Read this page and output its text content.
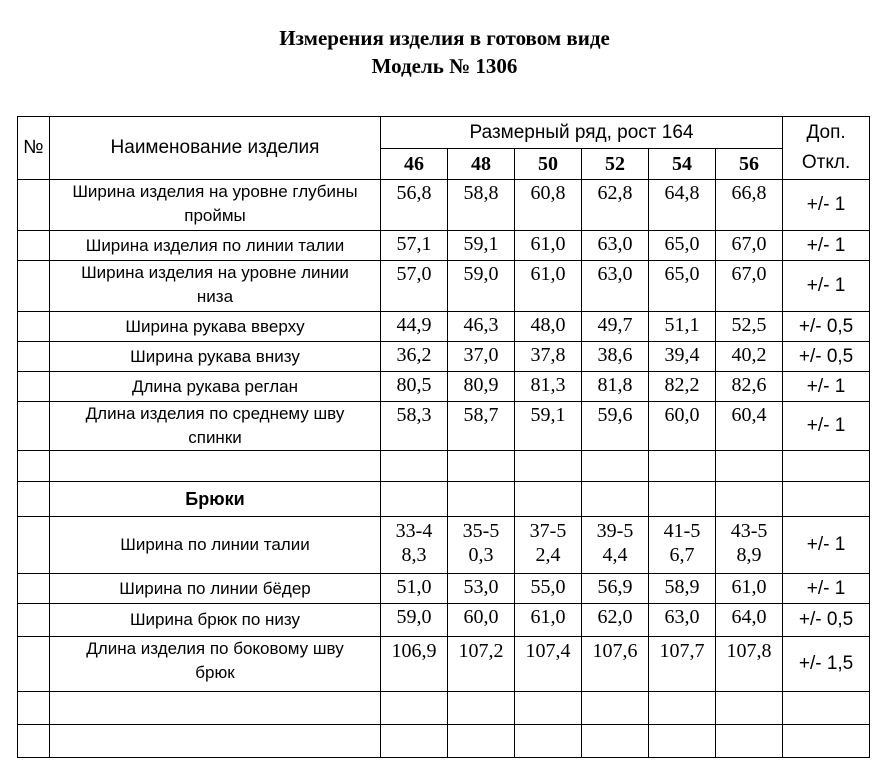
Измерения изделия в готовом виде
Модель № 1306
№	Наименование изделия	Размерный ряд, рост 164						Доп.
Откл.

		46	48	50	52	54	56	
	Ширина изделия на уровне глубины проймы	56,8	58,8	60,8	62,8	64,8	66,8	+/- 1
	Ширина изделия по линии талии	57,1	59,1	61,0	63,0	65,0	67,0	+/- 1
	Ширина изделия на уровне линии низа	57,0	59,0	61,0	63,0	65,0	67,0	+/- 1
	Ширина рукава вверху	44,9	46,3	48,0	49,7	51,1	52,5	+/- 0,5
	Ширина рукава внизу	36,2	37,0	37,8	38,6	39,4	40,2	+/- 0,5
	Длина рукава реглан	80,5	80,9	81,3	81,8	82,2	82,6	+/- 1
	Длина изделия по среднему шву спинки	58,3	58,7	59,1	59,6	60,0	60,4	+/- 1

	Брюки							
	Ширина по линии талии	33-48,3	35-50,3	37-52,4	39-54,4	41-56,7	43-58,9	+/- 1
	Ширина по линии бёдер	51,0	53,0	55,0	56,9	58,9	61,0	+/- 1
	Ширина брюк по низу	59,0	60,0	61,0	62,0	63,0	64,0	+/- 0,5
	Длина изделия по боковому шву брюк	106,9	107,2	107,4	107,6	107,7	107,8	+/- 1,5
